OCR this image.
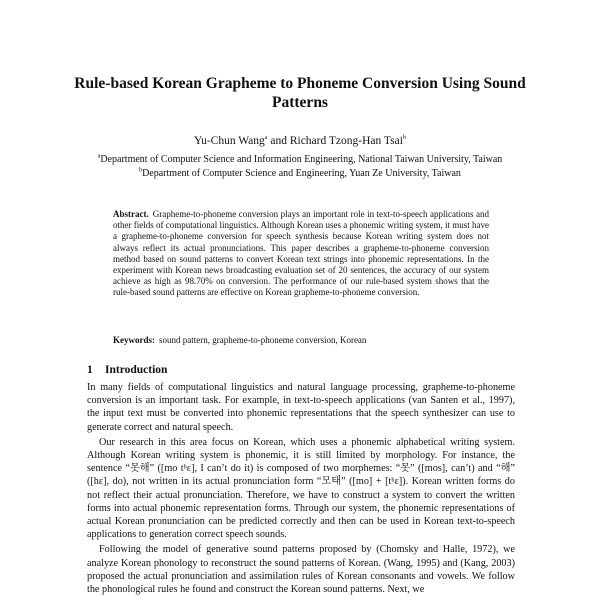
Rule-based Korean Grapheme to Phoneme Conversion Using Sound Patterns
Yu-Chun Wang$^a$ and Richard Tzong-Han Tsai$^b$
$^a$Department of Computer Science and Information Engineering, National Taiwan University, Taiwan
$^b$Department of Computer Science and Engineering, Yuan Ze University, Taiwan
Abstract. Grapheme-to-phoneme conversion plays an important role in text-to-speech applications and other fields of computational linguistics. Although Korean uses a phonemic writing system, it must have a grapheme-to-phoneme conversion for speech synthesis because Korean writing system does not always reflect its actual pronunciations. This paper describes a grapheme-to-phoneme conversion method based on sound patterns to convert Korean text strings into phonemic representations. In the experiment with Korean news broadcasting evaluation set of 20 sentences, the accuracy of our system achieve as high as 98.70% on conversion. The performance of our rule-based system shows that the rule-based sound patterns are effective on Korean grapheme-to-phoneme conversion.
Keywords: sound pattern, grapheme-to-phoneme conversion, Korean
1 Introduction

In many fields of computational linguistics and natural language processing, grapheme-to-phoneme conversion is an important task. For example, in text-to-speech applications (van Santen et al., 1997), the input text must be converted into phonemic representations that the speech synthesizer can use to generate correct and natural speech.

Our research in this area focus on Korean, which uses a phonemic alphabetical writing system. Although Korean writing system is phonemic, it is still limited by morphology. For instance, the sentence “못해” ([mo tʰɛ], I can’t do it) is composed of two morphemes: “못” ([mos], can’t) and “해” ([hɛ], do), not written in its actual pronunciation form “모태” ([mo] + [tʰɛ]). Korean written forms do not reflect their actual pronunciation. Therefore, we have to construct a system to convert the written forms into actual phonemic representation forms. Through our system, the phonemic representations of actual Korean pronunciation can be predicted correctly and then can be used in Korean text-to-speech applications to generation correct speech sounds.

Following the model of generative sound patterns proposed by (Chomsky and Halle, 1972), we analyze Korean phonology to reconstruct the sound patterns of Korean. (Wang, 1995) and (Kang, 2003) proposed the actual pronunciation and assimilation rules of Korean consonants and vowels. We follow the phonological rules he found and construct the Korean sound patterns. Next, we
